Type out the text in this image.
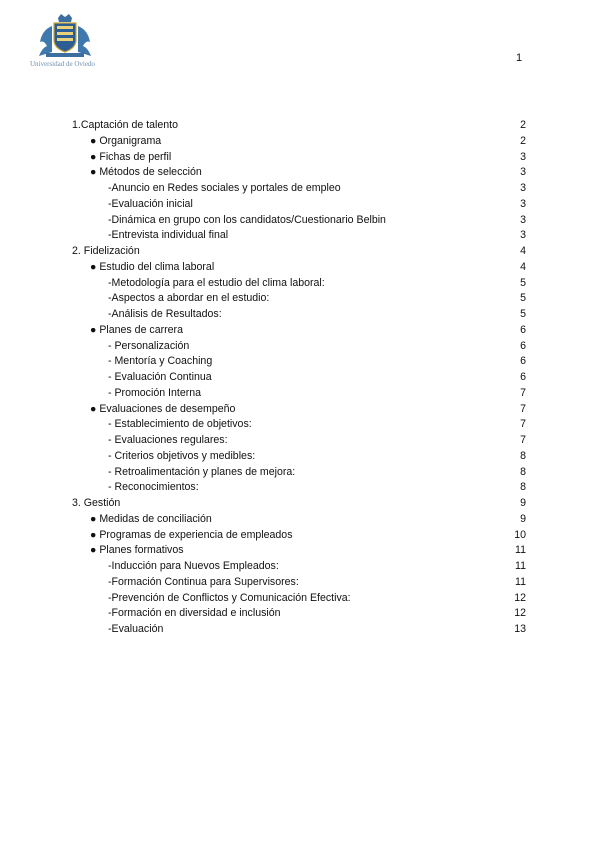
Universidad de Oviedo	1
1.Captación de talento	2
● Organigrama	2
● Fichas de perfil	3
● Métodos de selección	3
-Anuncio en Redes sociales y portales de empleo	3
-Evaluación inicial	3
-Dinámica en grupo con los candidatos/Cuestionario Belbin	3
-Entrevista individual final	3
2. Fidelización	4
● Estudio del clima laboral	4
-Metodología para el estudio del clima laboral:	5
-Aspectos a abordar en el estudio:	5
-Análisis de Resultados:	5
● Planes de carrera	6
- Personalización	6
- Mentoría y Coaching	6
- Evaluación Continua	6
- Promoción Interna	7
● Evaluaciones de desempeño	7
- Establecimiento de objetivos:	7
- Evaluaciones regulares:	7
- Criterios objetivos y medibles:	8
- Retroalimentación y planes de mejora:	8
- Reconocimientos:	8
3. Gestión	9
● Medidas de conciliación	9
● Programas de experiencia de empleados	10
● Planes formativos	11
-Inducción para Nuevos Empleados:	11
-Formación Continua para Supervisores:	11
-Prevención de Conflictos y Comunicación Efectiva:	12
-Formación en diversidad e inclusión	12
-Evaluación	13
